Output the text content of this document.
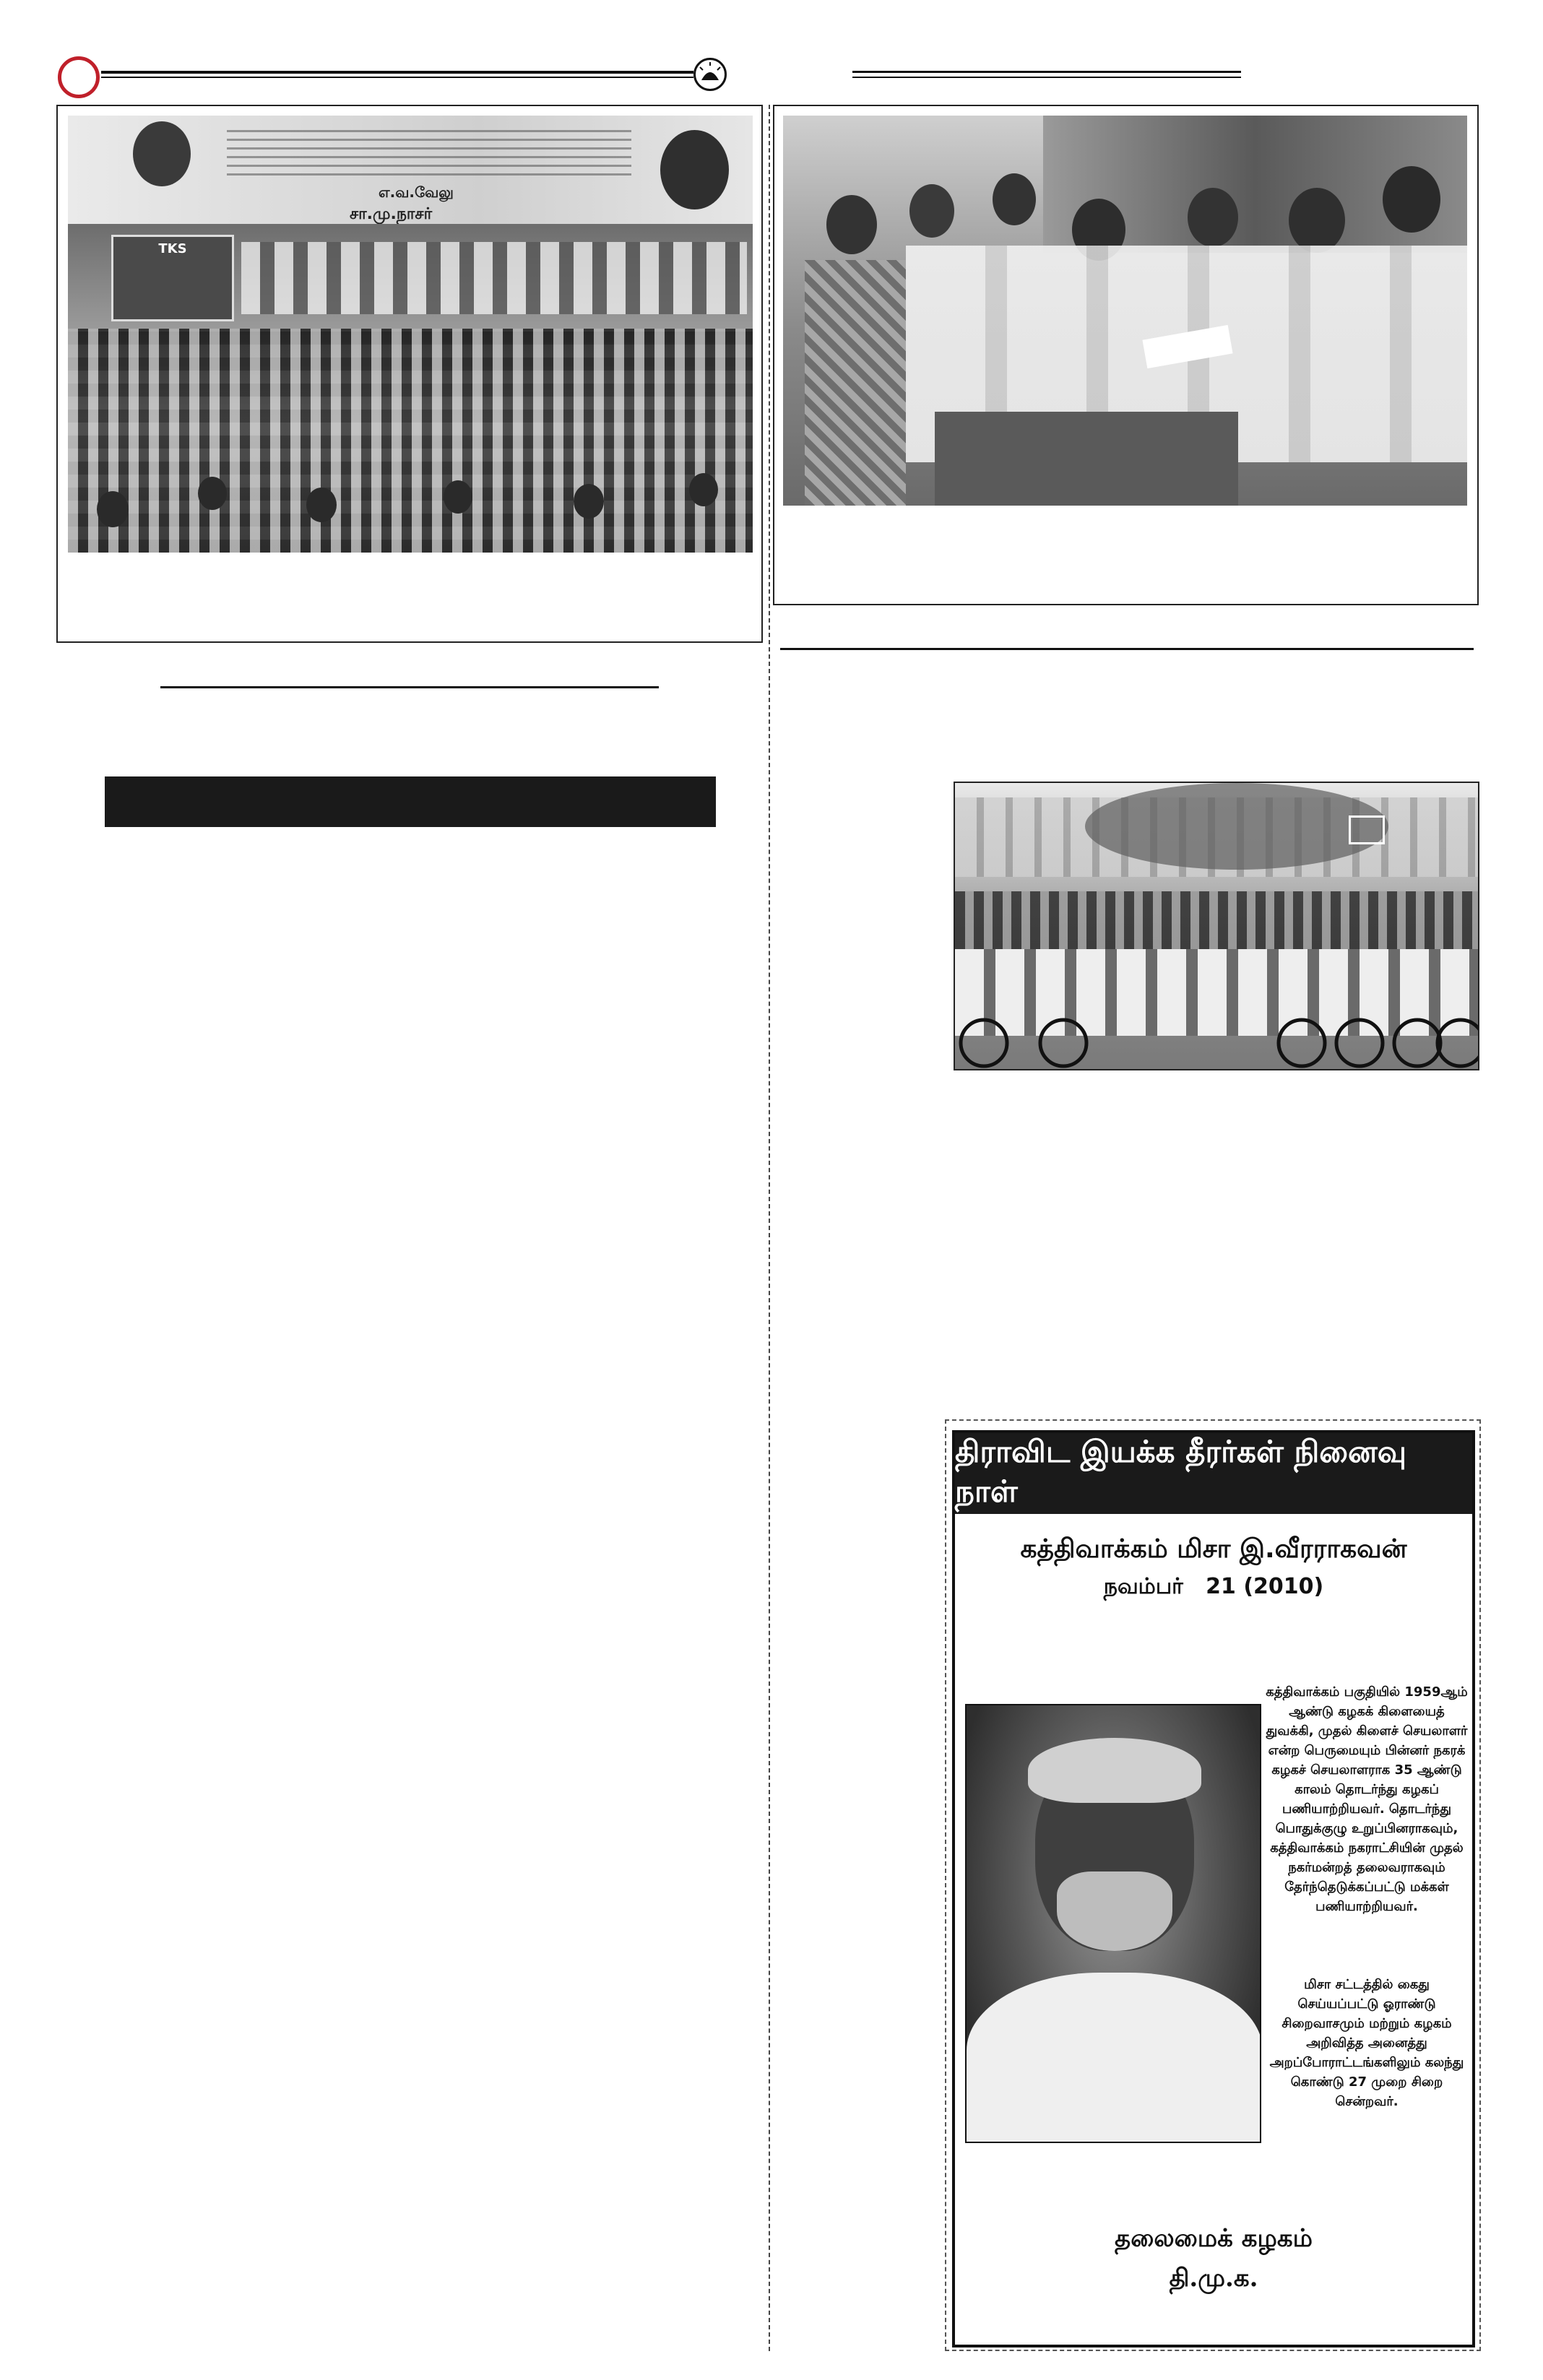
எ.வ.வேலு
சா.மு.நாசர்
TKS
திராவிட இயக்க தீரர்கள் நினைவு நாள்
கத்திவாக்கம் மிசா இ.வீரராகவன்
நவம்பர்   21 (2010)
கத்திவாக்கம் பகுதியில் 1959ஆம் ஆண்டு கழகக் கிளையைத் துவக்கி, முதல் கிளைச் செயலாளர் என்ற பெருமையும் பின்னர் நகரக் கழகச் செயலாளராக 35 ஆண்டு காலம் தொடர்ந்து கழகப் பணியாற்றியவர். தொடர்ந்து பொதுக்குழு உறுப்பினராகவும், கத்திவாக்கம் நகராட்சியின் முதல் நகர்மன்றத் தலைவராகவும் தேர்ந்தெடுக்கப்பட்டு மக்கள் பணியாற்றியவர்.
மிசா சட்டத்தில் கைது செய்யப்பட்டு ஓராண்டு சிறைவாசமும் மற்றும் கழகம் அறிவித்த அனைத்து அறப்போராட்டங்களிலும் கலந்து கொண்டு 27 முறை சிறை சென்றவர்.
தலைமைக் கழகம்
தி.மு.க.
